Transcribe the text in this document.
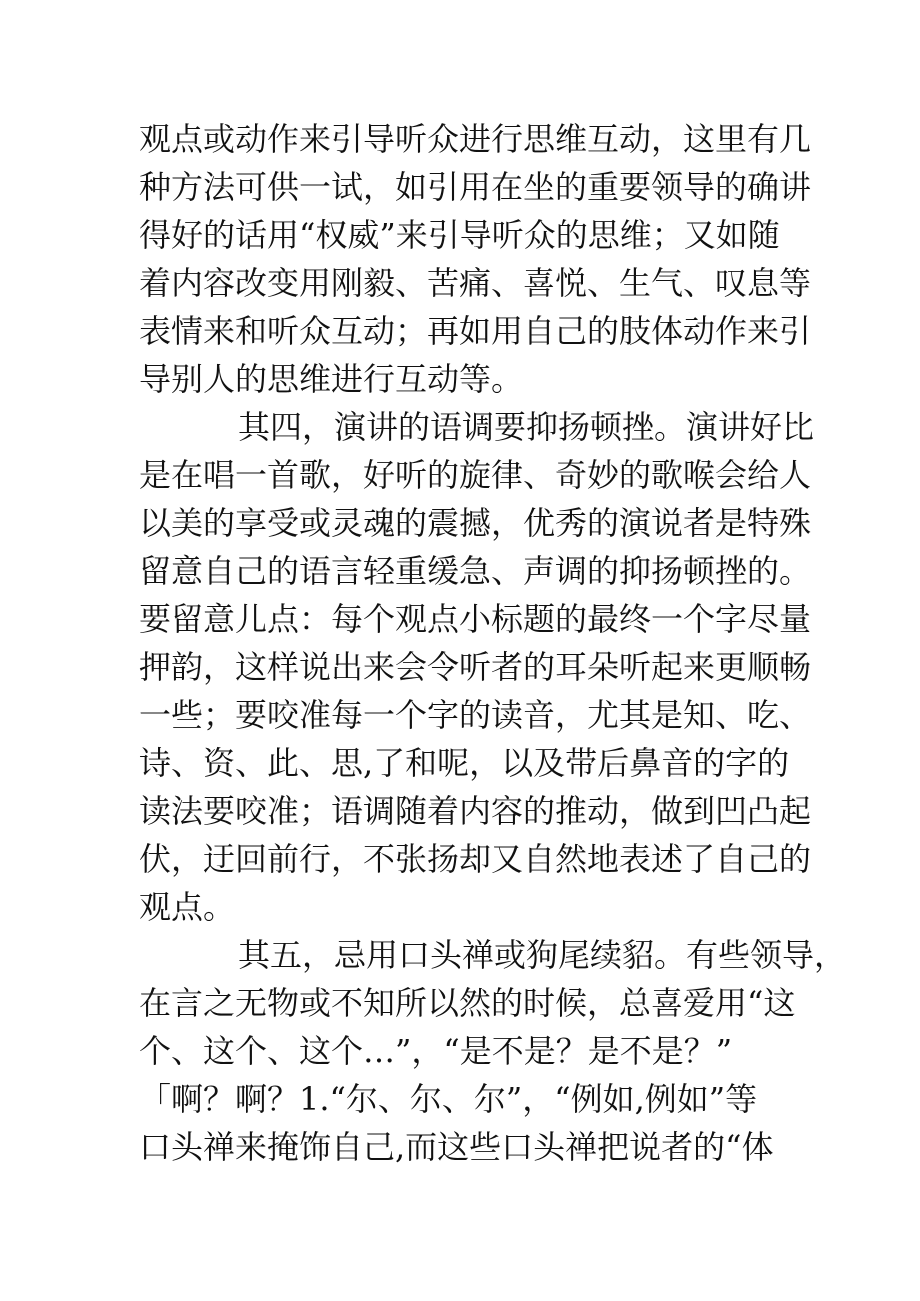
观点或动作来引导听众进行思维互动，这里有几

种方法可供一试，如引用在坐的重要领导的确讲

得好的话用“权威”来引导听众的思维；又如随

着内容改变用刚毅、苦痛、喜悦、生气、叹息等

表情来和听众互动；再如用自己的肢体动作来引

导别人的思维进行互动等。

其四，演讲的语调要抑扬顿挫。演讲好比

是在唱一首歌，好听的旋律、奇妙的歌喉会给人

以美的享受或灵魂的震撼，优秀的演说者是特殊

留意自己的语言轻重缓急、声调的抑扬顿挫的。

要留意儿点：每个观点小标题的最终一个字尽量

押韵，这样说出来会令听者的耳朵听起来更顺畅

一些；要咬准每一个字的读音，尤其是知、吃、

诗、资、此、思,了和呢，以及带后鼻音的字的

读法要咬准；语调随着内容的推动，做到凹凸起

伏，迂回前行，不张扬却又自然地表述了自己的

观点。

其五，忌用口头禅或狗尾续貂。有些领导，

在言之无物或不知所以然的时候，总喜爱用“这

个、这个、这个…”，“是不是？是不是？”

「啊？啊？1.“尔、尔、尔”，“例如,例如”等

口头禅来掩饰自己,而这些口头禅把说者的“体
